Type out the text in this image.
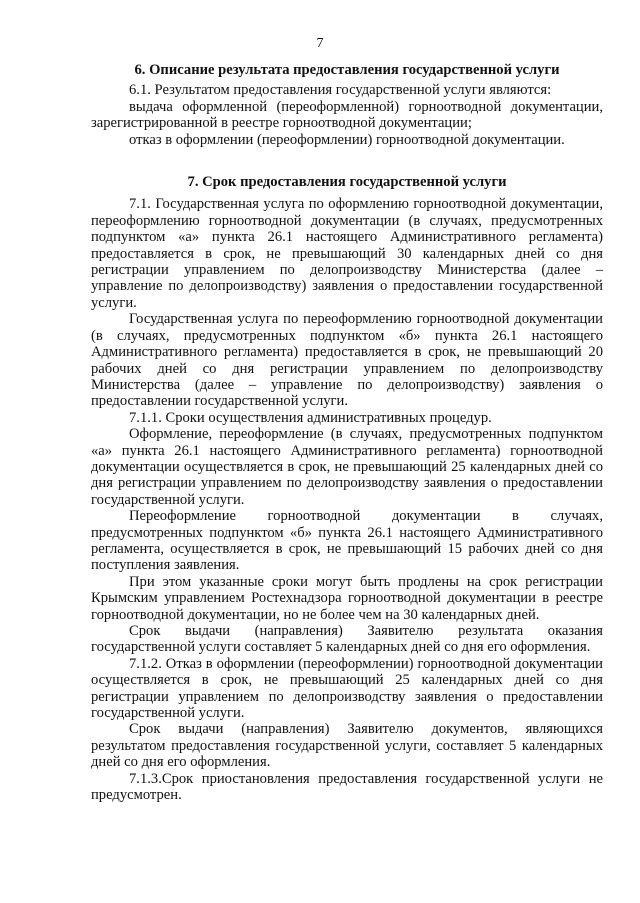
7

6. Описание результата предоставления государственной услуги

6.1. Результатом предоставления государственной услуги являются:

выдача оформленной (переоформленной) горноотводной документации, зарегистрированной в реестре горноотводной документации;

отказ в оформлении (переоформлении) горноотводной документации.

7. Срок предоставления государственной услуги

7.1. Государственная услуга по оформлению горноотводной документации, переоформлению горноотводной документации (в случаях, предусмотренных подпунктом «а» пункта 26.1 настоящего Административного регламента) предоставляется в срок, не превышающий 30 календарных дней со дня регистрации управлением по делопроизводству Министерства (далее – управление по делопроизводству) заявления о предоставлении государственной услуги.

Государственная услуга по переоформлению горноотводной документации (в случаях, предусмотренных подпунктом «б» пункта 26.1 настоящего Административного регламента) предоставляется в срок, не превышающий 20 рабочих дней со дня регистрации управлением по делопроизводству Министерства (далее – управление по делопроизводству) заявления о предоставлении государственной услуги.

7.1.1. Сроки осуществления административных процедур.

Оформление, переоформление (в случаях, предусмотренных подпунктом «а» пункта 26.1 настоящего Административного регламента) горноотводной документации осуществляется в срок, не превышающий 25 календарных дней со дня регистрации управлением по делопроизводству заявления о предоставлении государственной услуги.

Переоформление горноотводной документации в случаях, предусмотренных подпунктом «б» пункта 26.1 настоящего Административного регламента, осуществляется в срок, не превышающий 15 рабочих дней со дня поступления заявления.

При этом указанные сроки могут быть продлены на срок регистрации Крымским управлением Ростехнадзора горноотводной документации в реестре горноотводной документации, но не более чем на 30 календарных дней.

Срок выдачи (направления) Заявителю результата оказания государственной услуги составляет 5 календарных дней со дня его оформления.

7.1.2. Отказ в оформлении (переоформлении) горноотводной документации осуществляется в срок, не превышающий 25 календарных дней со дня регистрации управлением по делопроизводству заявления о предоставлении государственной услуги.

Срок выдачи (направления) Заявителю документов, являющихся результатом предоставления государственной услуги, составляет 5 календарных дней со дня его оформления.

7.1.3.Срок приостановления предоставления государственной услуги не предусмотрен.
